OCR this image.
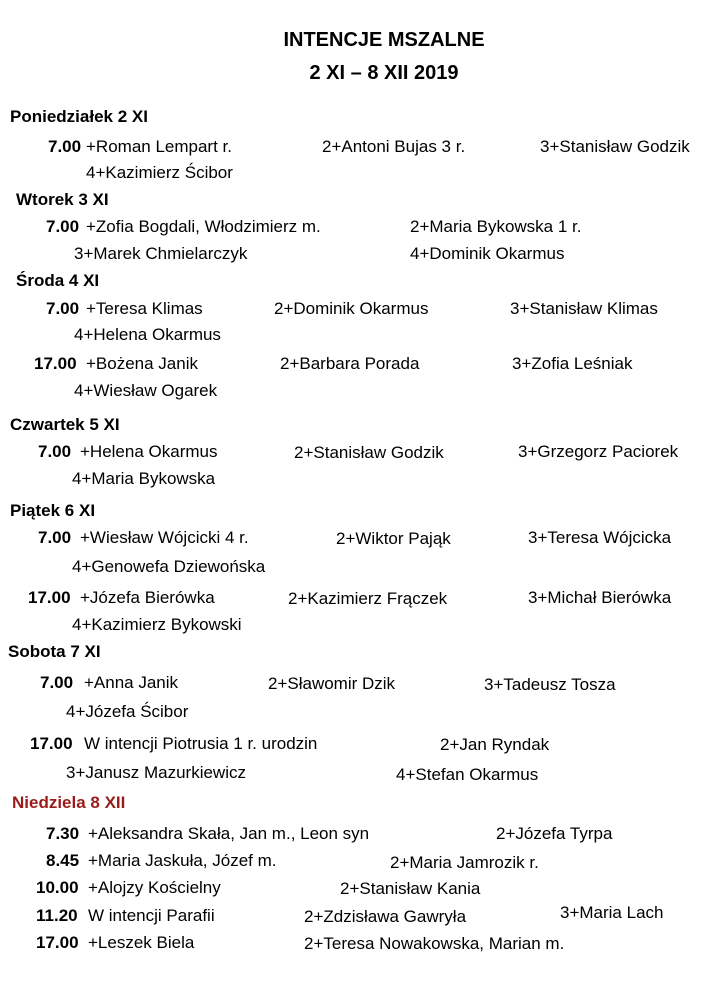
INTENCJE MSZALNE
2 XI – 8 XII 2019
Poniedziałek 2 XI
7.00 +Roman Lempart r.	2+Antoni Bujas 3 r.	3+Stanisław Godzik
4+Kazimierz Ścibor
Wtorek 3 XI
7.00 +Zofia Bogdali, Włodzimierz m.	2+Maria Bykowska 1 r.
3+Marek Chmielarczyk	4+Dominik Okarmus
Środa 4 XI
7.00 +Teresa Klimas	2+Dominik Okarmus	3+Stanisław Klimas
4+Helena Okarmus
17.00 +Bożena Janik	2+Barbara Porada	3+Zofia Leśniak
4+Wiesław Ogarek
Czwartek 5 XI
7.00 +Helena Okarmus	2+Stanisław Godzik	3+Grzegorz Paciorek
4+Maria Bykowska
Piątek 6 XI
7.00 +Wiesław Wójcicki 4 r.	2+Wiktor Pająk	3+Teresa Wójcicka
4+Genowefa Dziewońska
17.00 +Józefa Bierówka	2+Kazimierz Frączek	3+Michał Bierówka
4+Kazimierz Bykowski
Sobota 7 XI
7.00 +Anna Janik	2+Sławomir Dzik	3+Tadeusz Tosza
4+Józefa Ścibor
17.00 W intencji Piotrusia 1 r. urodzin	2+Jan Ryndak
3+Janusz Mazurkiewicz	4+Stefan Okarmus
Niedziela 8 XII
7.30 +Aleksandra Skała, Jan m., Leon syn	2+Józefa Tyrpa
8.45 +Maria Jaskuła, Józef m.	2+Maria Jamrozik r.
10.00 +Alojzy Kościelny	2+Stanisław Kania
11.20 W intencji Parafii	2+Zdzisława Gawryła	3+Maria Lach
17.00 +Leszek Biela	2+Teresa Nowakowska, Marian m.
